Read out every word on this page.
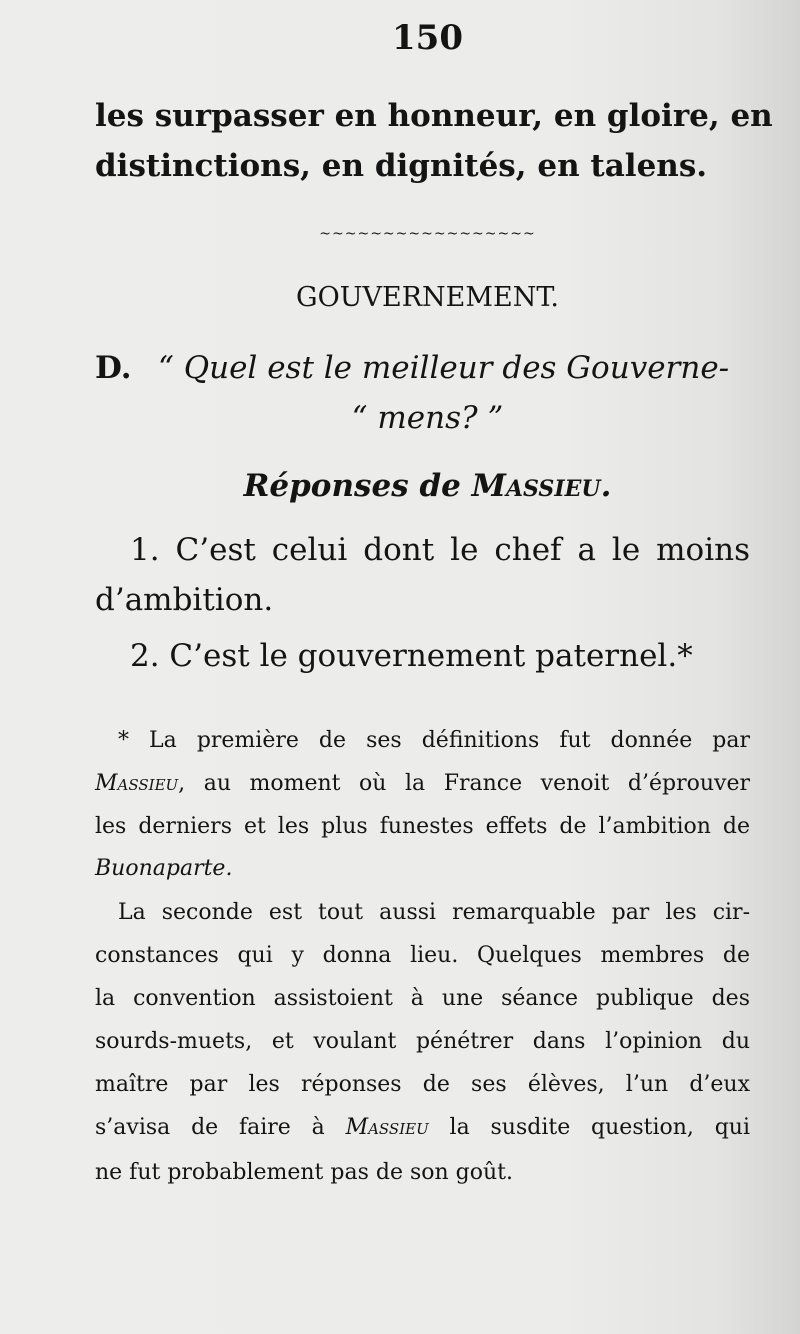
150
les surpasser en honneur, en gloire, en
distinctions, en dignités, en talens.
~~~~~~~~~~~~~~~~~
GOUVERNEMENT.
D. “ Quel est le meilleur des Gouverne-
“ mens? ”
Réponses de Massieu.
1. C’est celui dont le chef a le moins
d’ambition.
2. C’est le gouvernement paternel.*
* La première de ses définitions fut donnée par
Massieu, au moment où la France venoit d’éprouver
les derniers et les plus funestes effets de l’ambition de
Buonaparte.
La seconde est tout aussi remarquable par les cir-
constances qui y donna lieu. Quelques membres de
la convention assistoient à une séance publique des
sourds-muets, et voulant pénétrer dans l’opinion du
maître par les réponses de ses élèves, l’un d’eux
s’avisa de faire à Massieu la susdite question, qui
ne fut probablement pas de son goût.
